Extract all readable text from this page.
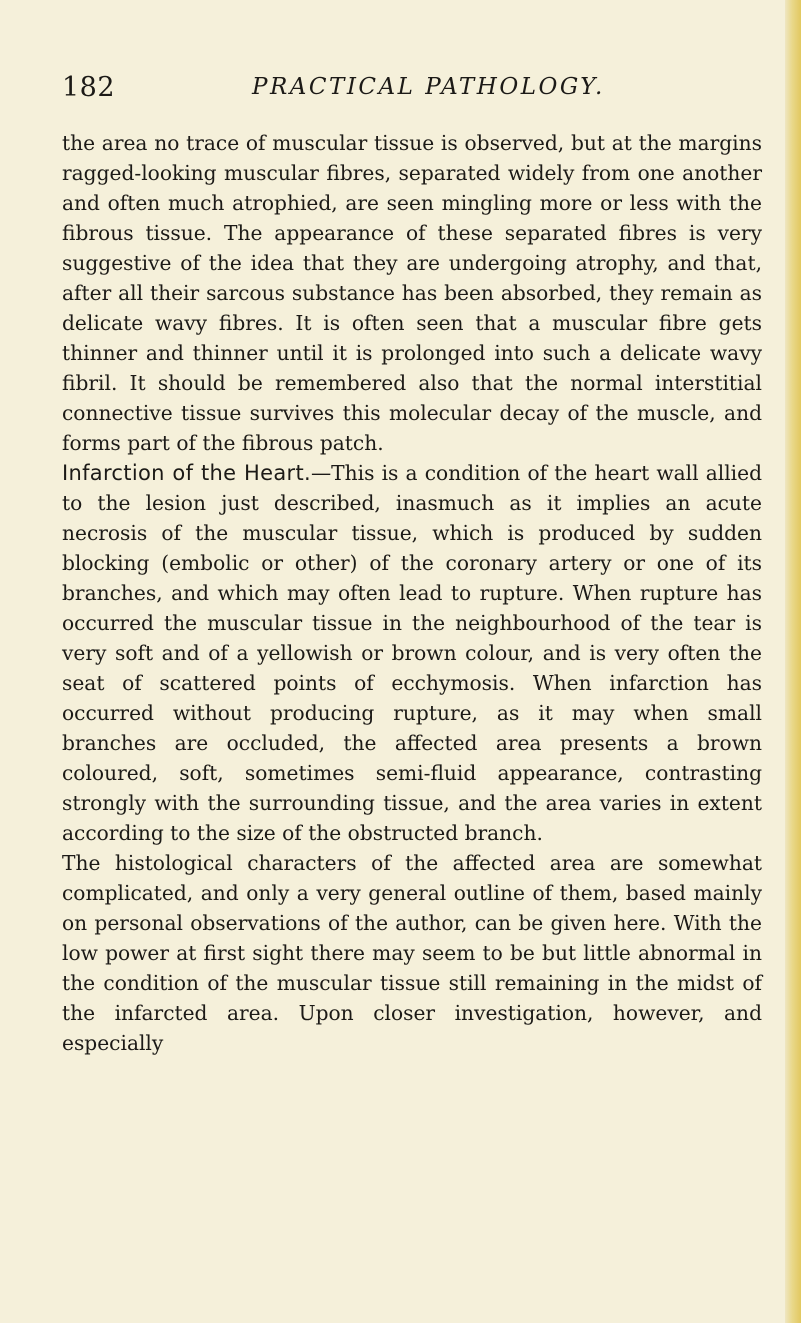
182	PRACTICAL PATHOLOGY.

the area no trace of muscular tissue is observed, but at the margins ragged-looking muscular fibres, separated widely from one another and often much atrophied, are seen mingling more or less with the fibrous tissue. The appearance of these separated fibres is very suggestive of the idea that they are undergoing atrophy, and that, after all their sarcous substance has been absorbed, they remain as delicate wavy fibres. It is often seen that a muscular fibre gets thinner and thinner until it is prolonged into such a delicate wavy fibril. It should be remembered also that the normal interstitial connective tissue survives this molecular decay of the muscle, and forms part of the fibrous patch.

Infarction of the Heart.—This is a condition of the heart wall allied to the lesion just described, inasmuch as it implies an acute necrosis of the muscular tissue, which is produced by sudden blocking (embolic or other) of the coronary artery or one of its branches, and which may often lead to rupture. When rupture has occurred the muscular tissue in the neighbourhood of the tear is very soft and of a yellowish or brown colour, and is very often the seat of scattered points of ecchymosis. When infarction has occurred without producing rupture, as it may when small branches are occluded, the affected area presents a brown coloured, soft, sometimes semi-fluid appearance, contrasting strongly with the surrounding tissue, and the area varies in extent according to the size of the obstructed branch.

The histological characters of the affected area are somewhat complicated, and only a very general outline of them, based mainly on personal observations of the author, can be given here. With the low power at first sight there may seem to be but little abnormal in the condition of the muscular tissue still remaining in the midst of the infarcted area. Upon closer investigation, however, and especially
